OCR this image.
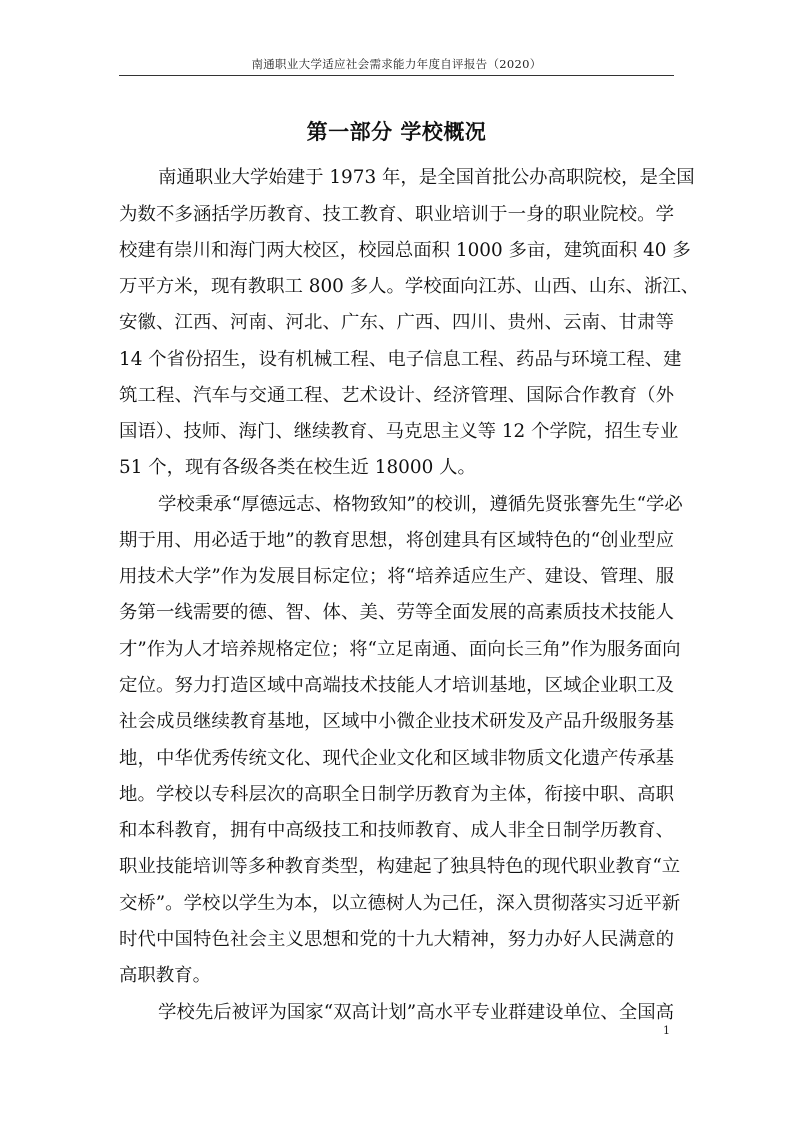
南通职业大学适应社会需求能力年度自评报告（2020）
第一部分 学校概况
南通职业大学始建于 1973 年，是全国首批公办高职院校，是全国
为数不多涵括学历教育、技工教育、职业培训于一身的职业院校。学
校建有崇川和海门两大校区，校园总面积 1000 多亩，建筑面积 40 多
万平方米，现有教职工 800 多人。学校面向江苏、山西、山东、浙江、
安徽、江西、河南、河北、广东、广西、四川、贵州、云南、甘肃等
14 个省份招生，设有机械工程、电子信息工程、药品与环境工程、建
筑工程、汽车与交通工程、艺术设计、经济管理、国际合作教育（外
国语）、技师、海门、继续教育、马克思主义等 12 个学院，招生专业
51 个，现有各级各类在校生近 18000 人。
学校秉承“厚德远志、格物致知”的校训，遵循先贤张謇先生“学必
期于用、用必适于地”的教育思想，将创建具有区域特色的“创业型应
用技术大学”作为发展目标定位；将“培养适应生产、建设、管理、服
务第一线需要的德、智、体、美、劳等全面发展的高素质技术技能人
才”作为人才培养规格定位；将“立足南通、面向长三角”作为服务面向
定位。努力打造区域中高端技术技能人才培训基地，区域企业职工及
社会成员继续教育基地，区域中小微企业技术研发及产品升级服务基
地，中华优秀传统文化、现代企业文化和区域非物质文化遗产传承基
地。学校以专科层次的高职全日制学历教育为主体，衔接中职、高职
和本科教育，拥有中高级技工和技师教育、成人非全日制学历教育、
职业技能培训等多种教育类型，构建起了独具特色的现代职业教育“立
交桥”。学校以学生为本，以立德树人为己任，深入贯彻落实习近平新
时代中国特色社会主义思想和党的十九大精神，努力办好人民满意的
高职教育。
学校先后被评为国家“双高计划”高水平专业群建设单位、全国高
1
